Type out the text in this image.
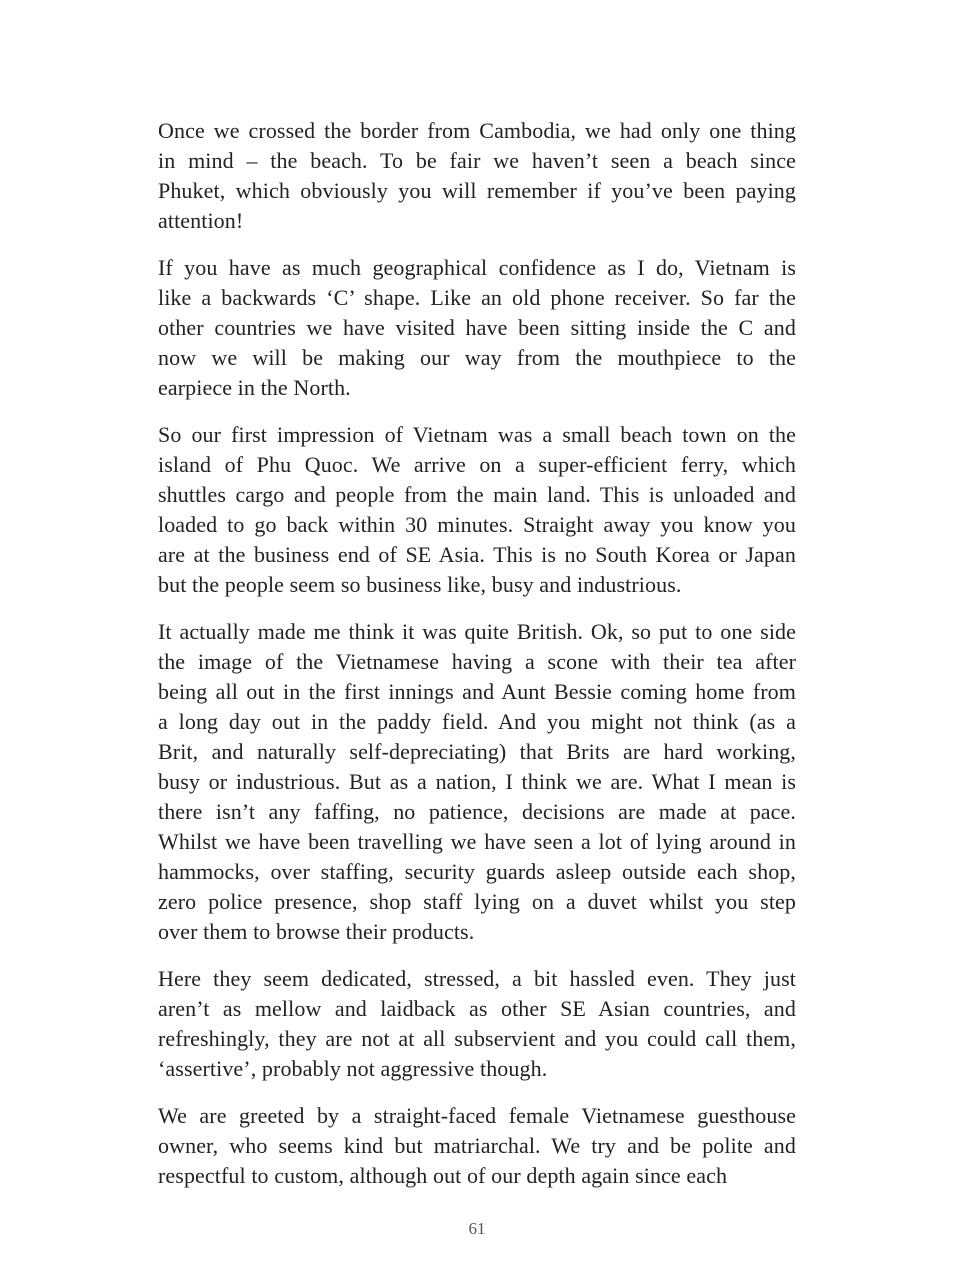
Once we crossed the border from Cambodia, we had only one thing
in mind – the beach. To be fair we haven’t seen a beach since
Phuket, which obviously you will remember if you’ve been paying
attention!
If you have as much geographical confidence as I do, Vietnam is
like a backwards ‘C’ shape. Like an old phone receiver. So far the
other countries we have visited have been sitting inside the C and
now we will be making our way from the mouthpiece to the
earpiece in the North.
So our first impression of Vietnam was a small beach town on the
island of Phu Quoc. We arrive on a super-efficient ferry, which
shuttles cargo and people from the main land. This is unloaded and
loaded to go back within 30 minutes. Straight away you know you
are at the business end of SE Asia. This is no South Korea or Japan
but the people seem so business like, busy and industrious.
It actually made me think it was quite British. Ok, so put to one side
the image of the Vietnamese having a scone with their tea after
being all out in the first innings and Aunt Bessie coming home from
a long day out in the paddy field. And you might not think (as a
Brit, and naturally self-depreciating) that Brits are hard working,
busy or industrious. But as a nation, I think we are. What I mean is
there isn’t any faffing, no patience, decisions are made at pace.
Whilst we have been travelling we have seen a lot of lying around in
hammocks, over staffing, security guards asleep outside each shop,
zero police presence, shop staff lying on a duvet whilst you step
over them to browse their products.
Here they seem dedicated, stressed, a bit hassled even. They just
aren’t as mellow and laidback as other SE Asian countries, and
refreshingly, they are not at all subservient and you could call them,
‘assertive’, probably not aggressive though.
We are greeted by a straight-faced female Vietnamese guesthouse
owner, who seems kind but matriarchal. We try and be polite and
respectful to custom, although out of our depth again since each
61
